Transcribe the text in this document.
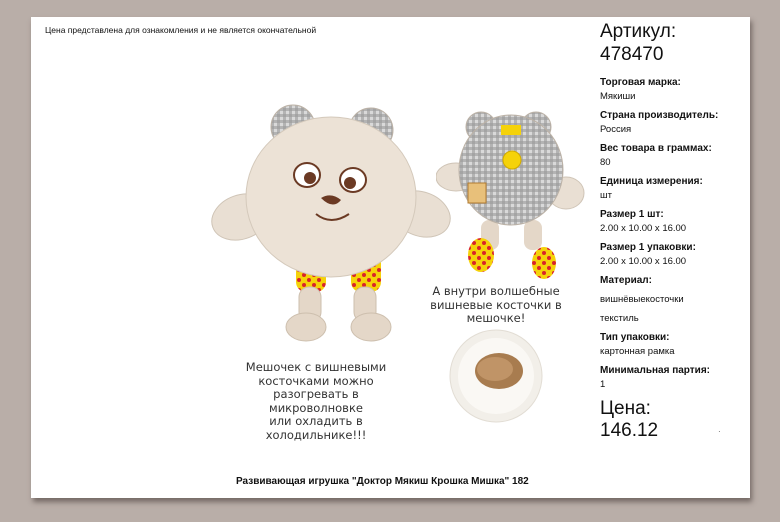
Цена представлена для ознакомления и не является окончательной
А внутри волшебные
вишневые косточки в мешочке!
Мешочек с вишневыми
косточками можно
разогревать в микроволновке
или охладить в холодильнике!!!
Артикул:
478470
Торговая марка:
Мякиши
Страна производитель:
Россия
Вес товара в граммах:
80
Единица измерения:
шт
Размер 1 шт:
2.00 x 10.00 x 16.00
Размер 1 упаковки:
2.00 x 10.00 x 16.00
Материал:
вишнёвыекосточки
текстиль
Тип упаковки:
картонная рамка
Минимальная партия:
1
Цена:
146.12	·
Развивающая игрушка "Доктор Мякиш Крошка Мишка" 182
